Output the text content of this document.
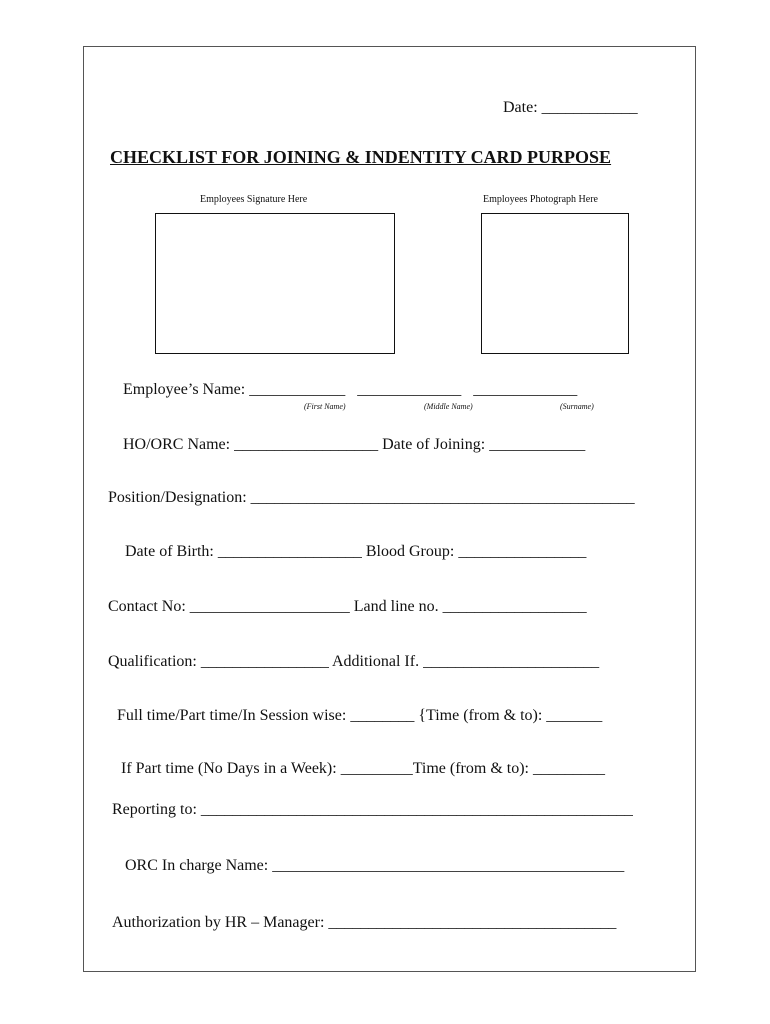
Date: ____________
CHECKLIST FOR JOINING & INDENTITY CARD PURPOSE
Employees Signature Here	Employees Photograph Here
Employee’s Name: ____________   _____________   _____________
(First Name)	(Middle Name)	(Surname)
HO/ORC Name: __________________ Date of Joining: ____________
Position/Designation: ________________________________________________
Date of Birth: __________________ Blood Group: ________________
Contact No: ____________________ Land line no. __________________
Qualification: ________________ Additional If. ______________________
Full time/Part time/In Session wise: ________ {Time (from & to): _______
If Part time (No Days in a Week): _________Time (from & to): _________
Reporting to: ______________________________________________________
ORC In charge Name: ____________________________________________
Authorization by HR – Manager: ____________________________________
